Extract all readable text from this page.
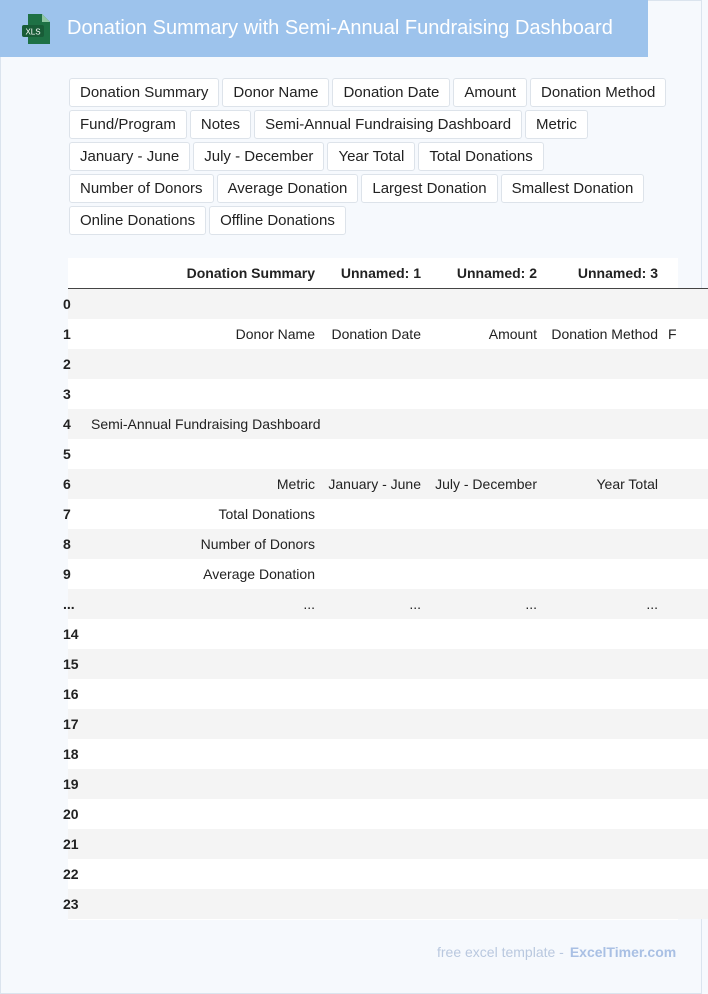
XLS Donation Summary with Semi-Annual Fundraising Dashboard
Donation Summary	Donor Name	Donation Date	Amount	Donation Method
Fund/Program	Notes	Semi-Annual Fundraising Dashboard	Metric
January - June	July - December	Year Total	Total Donations
Number of Donors	Average Donation	Largest Donation	Smallest Donation
Online Donations	Offline Donations
	Donation Summary	Unnamed: 1	Unnamed: 2	Unnamed: 3	
0					
1	Donor Name	Donation Date	Amount	Donation Method	F
2					
3					
4	Semi-Annual Fundraising Dashboard				
5					
6	Metric	January - June	July - December	Year Total	
7	Total Donations				
8	Number of Donors				
9	Average Donation				
...	...	...	...	...	
14					
15					
16					
17					
18					
19					
20					
21					
22					
23					
free excel template - ExcelTimer.com
